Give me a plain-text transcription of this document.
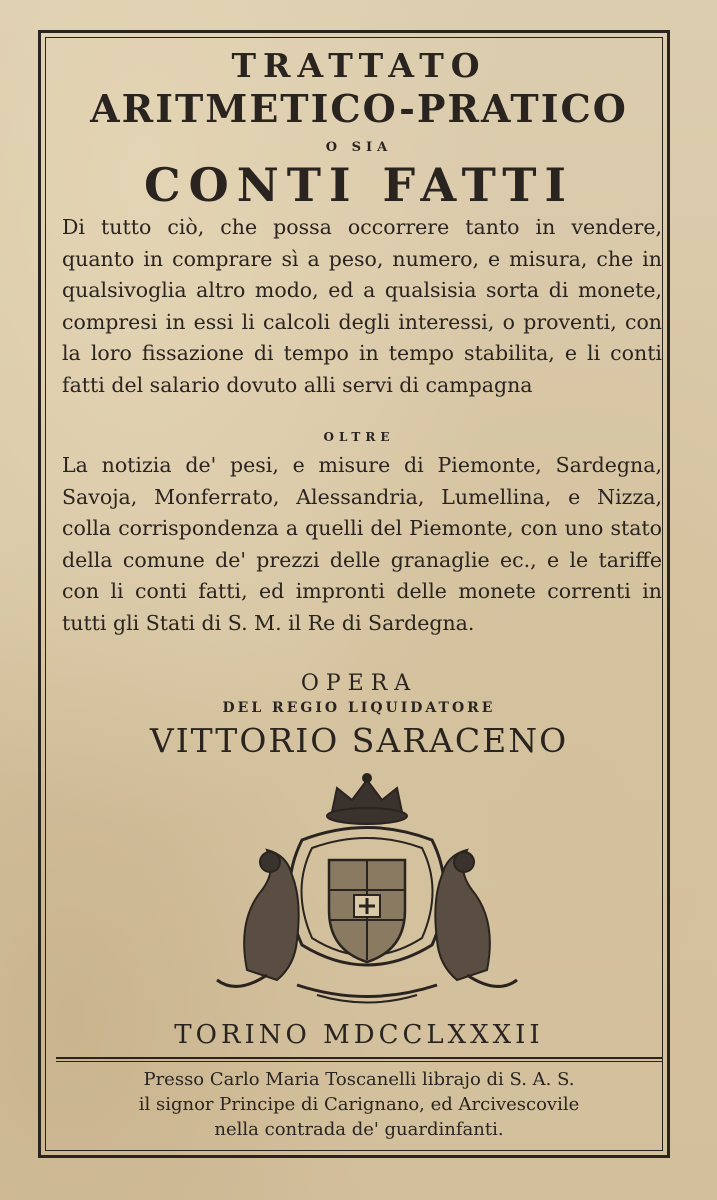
TRATTATO
ARITMETICO-PRATICO
O SIA
CONTI FATTI
Di tutto ciò, che possa occorrere tanto in vendere, quanto in comprare sì a peso, numero, e misura, che in qualsivoglia altro modo, ed a qualsisia sorta di monete, compresi in essi li calcoli degli interessi, o proventi, con la loro fissazione di tempo in tempo stabilita, e li conti fatti del salario dovuto alli servi di campagna
OLTRE
La notizia de' pesi, e misure di Piemonte, Sardegna, Savoja, Monferrato, Alessandria, Lumellina, e Nizza, colla corrispondenza a quelli del Piemonte, con uno stato della comune de' prezzi delle granaglie ec., e le tariffe con li conti fatti, ed impronti delle monete correnti in tutti gli Stati di S. M. il Re di Sardegna.
OPERA
DEL REGIO LIQUIDATORE
VITTORIO SARACENO
TORINO MDCCLXXXII
Presso Carlo Maria Toscanelli librajo di S. A. S.
il signor Principe di Carignano, ed Arcivescovile
nella contrada de' guardinfanti.
